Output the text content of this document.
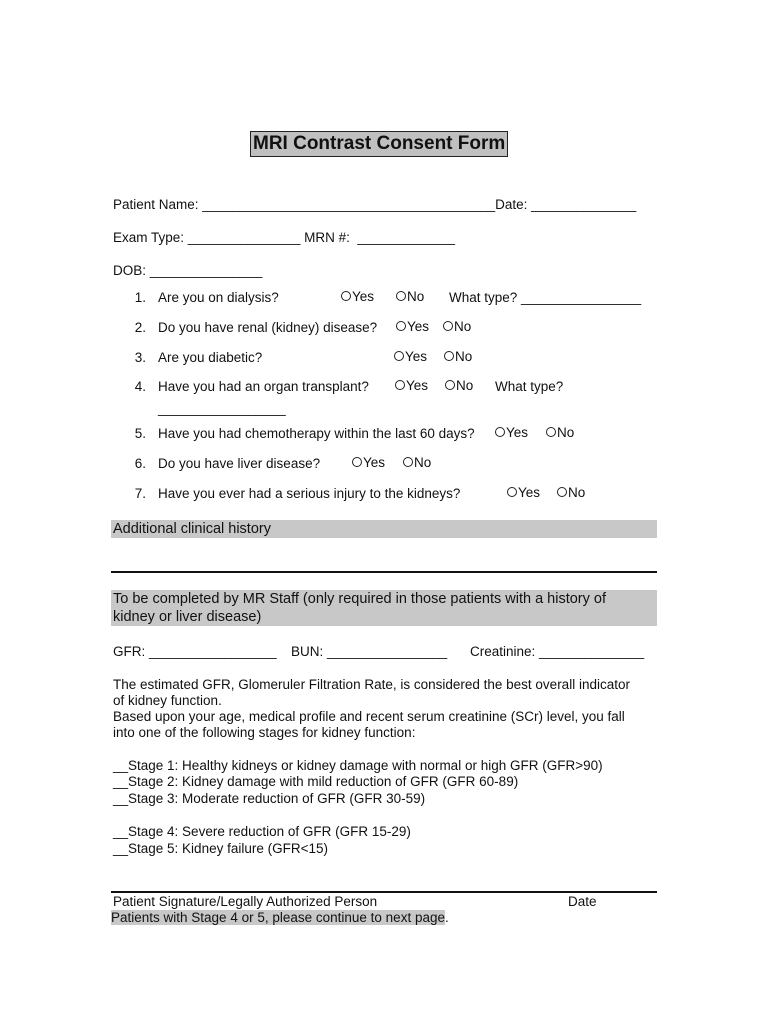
MRI Contrast Consent Form
Patient Name: _______________________________________Date: ______________
Exam Type: _______________ MRN #:  _____________
DOB: _______________
1. Are you on dialysis?	Yes	No What type? ________________
2. Do you have renal (kidney) disease?	Yes	No
3. Are you diabetic?	Yes	No
4. Have you had an organ transplant?	Yes	No What type?
_________________
5. Have you had chemotherapy within the last 60 days?	Yes	No
6. Do you have liver disease?	Yes	No
7. Have you ever had a serious injury to the kidneys?	Yes	No
Additional clinical history
To be completed by MR Staff (only required in those patients with a history of
kidney or liver disease)
GFR: _________________ BUN: ________________ Creatinine: ______________
The estimated GFR, Glomeruler Filtration Rate, is considered the best overall indicator
of kidney function.
Based upon your age, medical profile and recent serum creatinine (SCr) level, you fall
into one of the following stages for kidney function:
__Stage 1: Healthy kidneys or kidney damage with normal or high GFR (GFR>90)
__Stage 2: Kidney damage with mild reduction of GFR (GFR 60-89)
__Stage 3: Moderate reduction of GFR (GFR 30-59)
__Stage 4: Severe reduction of GFR (GFR 15-29)
__Stage 5: Kidney failure (GFR<15)
Patient Signature/Legally Authorized Person	Date
Patients with Stage 4 or 5, please continue to next page.
